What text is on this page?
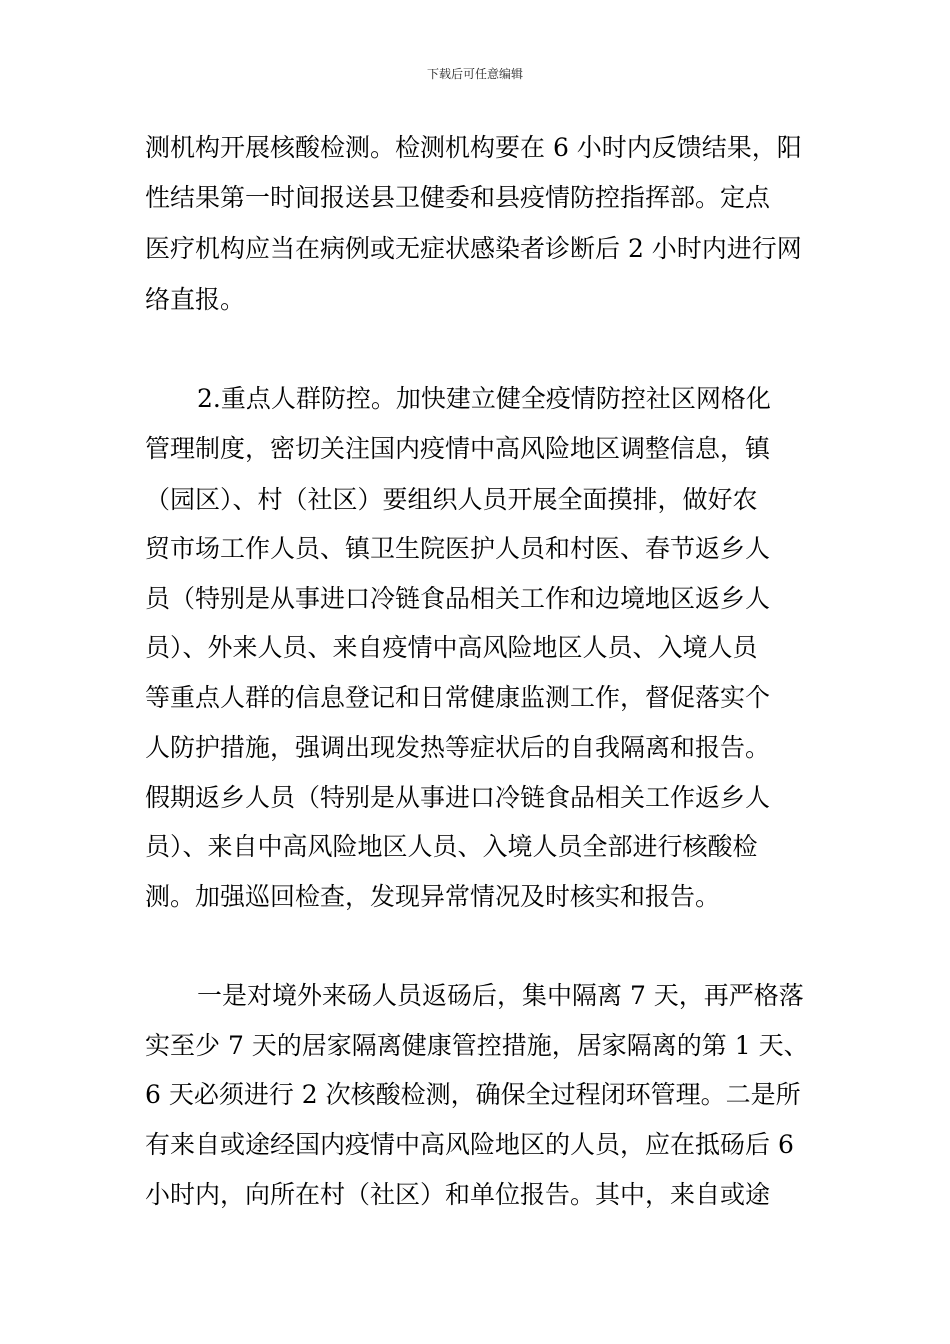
下载后可任意编辑
测机构开展核酸检测。检测机构要在 6 小时内反馈结果，阳
性结果第一时间报送县卫健委和县疫情防控指挥部。定点
医疗机构应当在病例或无症状感染者诊断后 2 小时内进行网
络直报。
2.重点人群防控。加快建立健全疫情防控社区网格化
管理制度，密切关注国内疫情中高风险地区调整信息，镇
（园区）、村（社区）要组织人员开展全面摸排，做好农
贸市场工作人员、镇卫生院医护人员和村医、春节返乡人
员（特别是从事进口冷链食品相关工作和边境地区返乡人
员）、外来人员、来自疫情中高风险地区人员、入境人员
等重点人群的信息登记和日常健康监测工作，督促落实个
人防护措施，强调出现发热等症状后的自我隔离和报告。
假期返乡人员（特别是从事进口冷链食品相关工作返乡人
员）、来自中高风险地区人员、入境人员全部进行核酸检
测。加强巡回检查，发现异常情况及时核实和报告。
一是对境外来砀人员返砀后，集中隔离 7 天，再严格落
实至少 7 天的居家隔离健康管控措施，居家隔离的第 1 天、
6 天必须进行 2 次核酸检测，确保全过程闭环管理。二是所
有来自或途经国内疫情中高风险地区的人员，应在抵砀后 6
小时内，向所在村（社区）和单位报告。其中，来自或途
